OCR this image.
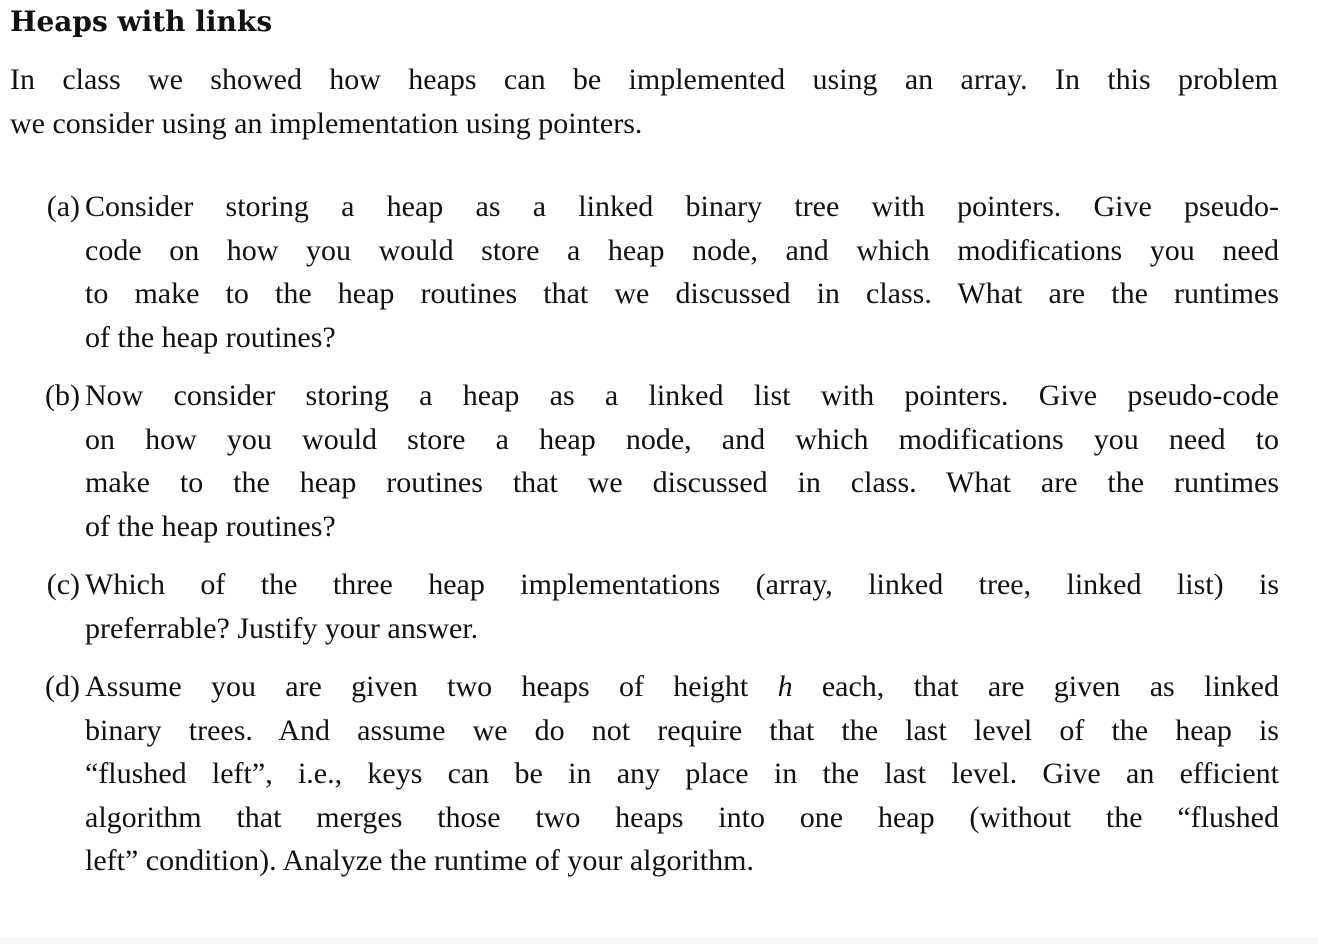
Heaps with links
In class we showed how heaps can be implemented using an array. In this problem
we consider using an implementation using pointers.
(a) Consider storing a heap as a linked binary tree with pointers. Give pseudo-
code on how you would store a heap node, and which modifications you need
to make to the heap routines that we discussed in class. What are the runtimes
of the heap routines?
(b) Now consider storing a heap as a linked list with pointers. Give pseudo-code
on how you would store a heap node, and which modifications you need to
make to the heap routines that we discussed in class. What are the runtimes
of the heap routines?
(c) Which of the three heap implementations (array, linked tree, linked list) is
preferrable? Justify your answer.
(d) Assume you are given two heaps of height h each, that are given as linked
binary trees. And assume we do not require that the last level of the heap is
“flushed left”, i.e., keys can be in any place in the last level. Give an efficient
algorithm that merges those two heaps into one heap (without the “flushed
left” condition). Analyze the runtime of your algorithm.
